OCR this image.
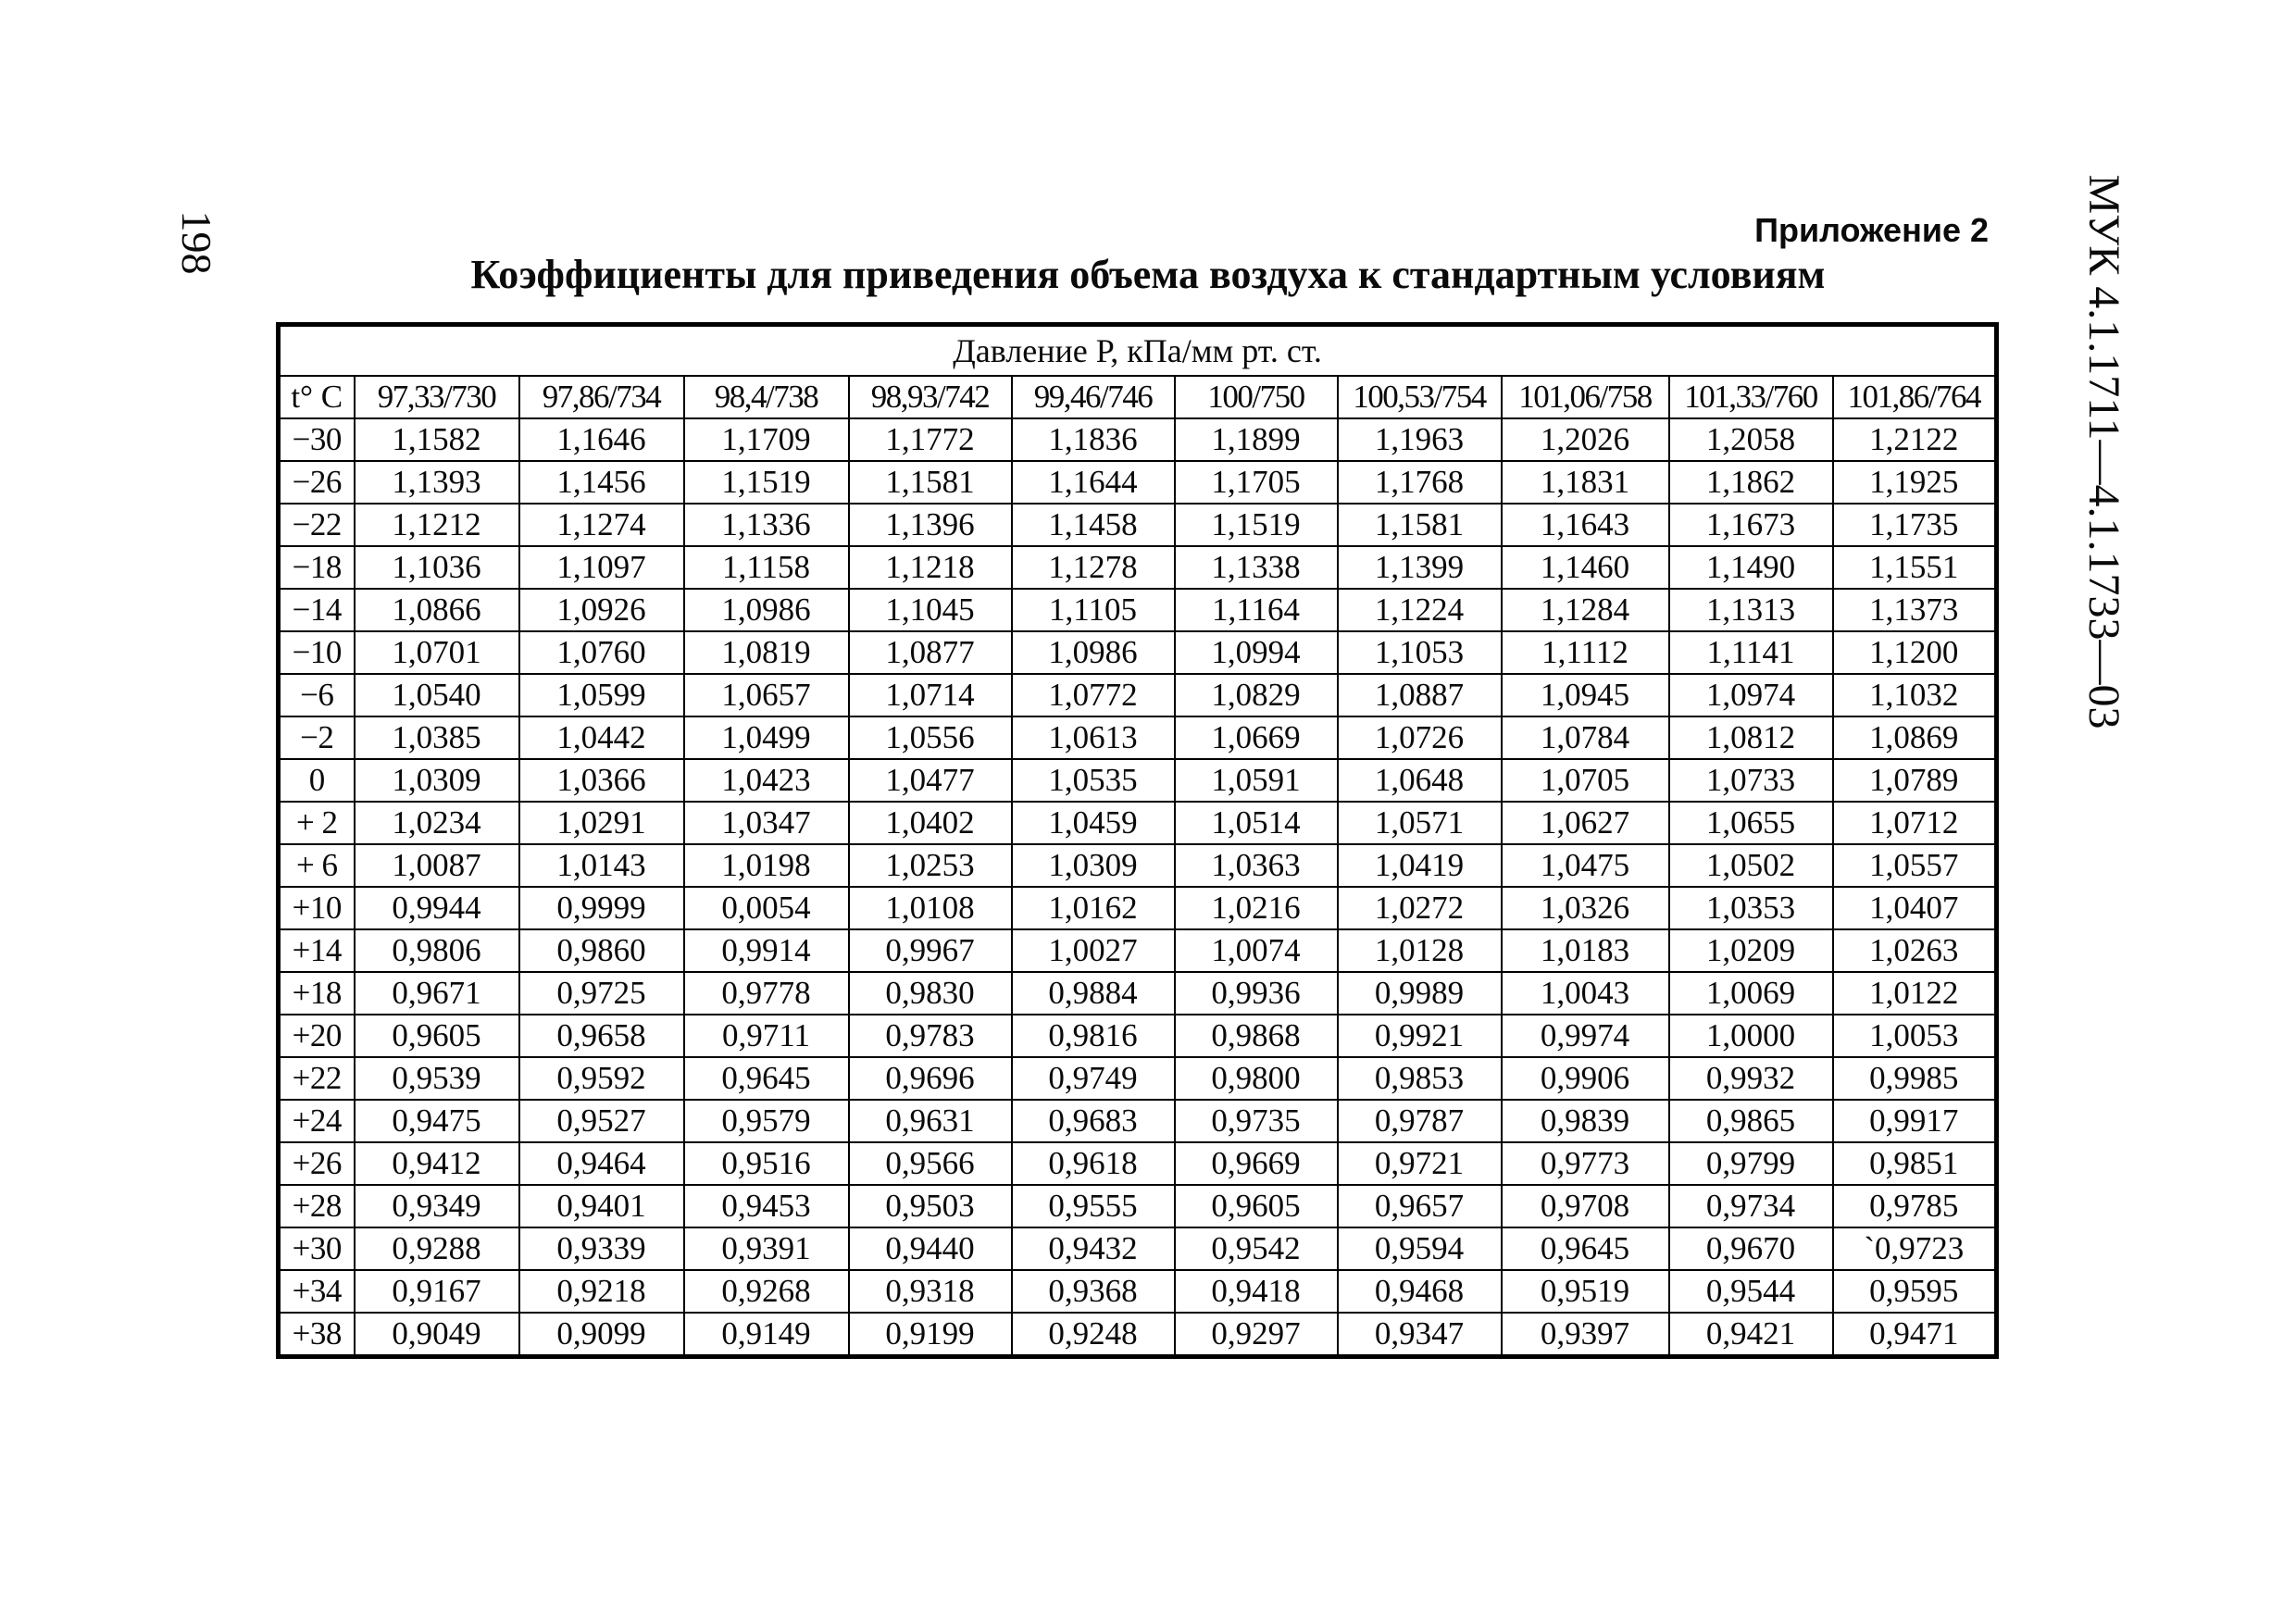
198	МУК 4.1.1711—4.1.1733—03
Приложение 2
Коэффициенты для приведения объема воздуха к стандартным условиям
Давление Р, кПа/мм рт. ст.										
t° С	97,33/730	97,86/734	98,4/738	98,93/742	99,46/746	100/750	100,53/754	101,06/758	101,33/760	101,86/764
−30	1,1582	1,1646	1,1709	1,1772	1,1836	1,1899	1,1963	1,2026	1,2058	1,2122
−26	1,1393	1,1456	1,1519	1,1581	1,1644	1,1705	1,1768	1,1831	1,1862	1,1925
−22	1,1212	1,1274	1,1336	1,1396	1,1458	1,1519	1,1581	1,1643	1,1673	1,1735
−18	1,1036	1,1097	1,1158	1,1218	1,1278	1,1338	1,1399	1,1460	1,1490	1,1551
−14	1,0866	1,0926	1,0986	1,1045	1,1105	1,1164	1,1224	1,1284	1,1313	1,1373
−10	1,0701	1,0760	1,0819	1,0877	1,0986	1,0994	1,1053	1,1112	1,1141	1,1200
−6	1,0540	1,0599	1,0657	1,0714	1,0772	1,0829	1,0887	1,0945	1,0974	1,1032
−2	1,0385	1,0442	1,0499	1,0556	1,0613	1,0669	1,0726	1,0784	1,0812	1,0869
0	1,0309	1,0366	1,0423	1,0477	1,0535	1,0591	1,0648	1,0705	1,0733	1,0789
+ 2	1,0234	1,0291	1,0347	1,0402	1,0459	1,0514	1,0571	1,0627	1,0655	1,0712
+ 6	1,0087	1,0143	1,0198	1,0253	1,0309	1,0363	1,0419	1,0475	1,0502	1,0557
+10	0,9944	0,9999	0,0054	1,0108	1,0162	1,0216	1,0272	1,0326	1,0353	1,0407
+14	0,9806	0,9860	0,9914	0,9967	1,0027	1,0074	1,0128	1,0183	1,0209	1,0263
+18	0,9671	0,9725	0,9778	0,9830	0,9884	0,9936	0,9989	1,0043	1,0069	1,0122
+20	0,9605	0,9658	0,9711	0,9783	0,9816	0,9868	0,9921	0,9974	1,0000	1,0053
+22	0,9539	0,9592	0,9645	0,9696	0,9749	0,9800	0,9853	0,9906	0,9932	0,9985
+24	0,9475	0,9527	0,9579	0,9631	0,9683	0,9735	0,9787	0,9839	0,9865	0,9917
+26	0,9412	0,9464	0,9516	0,9566	0,9618	0,9669	0,9721	0,9773	0,9799	0,9851
+28	0,9349	0,9401	0,9453	0,9503	0,9555	0,9605	0,9657	0,9708	0,9734	0,9785
+30	0,9288	0,9339	0,9391	0,9440	0,9432	0,9542	0,9594	0,9645	0,9670	`0,9723
+34	0,9167	0,9218	0,9268	0,9318	0,9368	0,9418	0,9468	0,9519	0,9544	0,9595
+38	0,9049	0,9099	0,9149	0,9199	0,9248	0,9297	0,9347	0,9397	0,9421	0,9471
